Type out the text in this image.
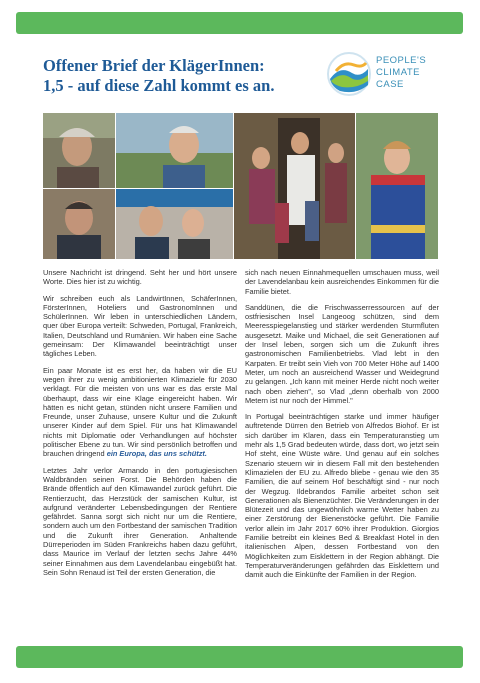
Offener Brief der KlägerInnen:
1,5 - auf diese Zahl kommt es an.
PEOPLE'S
CLIMATE
CASE

Unsere Nachricht ist dringend. Seht her und hört unsere Worte. Dies hier ist zu wichtig.

Wir schreiben euch als LandwirtInnen, SchäferInnen, FörsterInnen, Hoteliers und GastronomInnen und SchülerInnen. Wir leben in unterschiedlichen Ländern, quer über Europa verteilt: Schweden, Portugal, Frankreich, Italien, Deutschland und Rumänien. Wir haben eine Sache gemeinsam: Der Klimawandel beeinträchtigt unser tägliches Leben.

Ein paar Monate ist es erst her, da haben wir die EU wegen ihrer zu wenig ambitionierten Klimaziele für 2030 verklagt. Für die meisten von uns war es das erste Mal überhaupt, dass wir eine Klage eingereicht haben. Wir hätten es nicht getan, stünden nicht unsere Familien und Freunde, unser Zuhause, unsere Kultur und die Zukunft unserer Kinder auf dem Spiel. Für uns hat Klimawandel nichts mit Diplomatie oder Verhandlungen auf höchster politischer Ebene zu tun. Wir sind persönlich betroffen und brauchen dringend ein Europa, das uns schützt.

Letztes Jahr verlor Armando in den portugiesischen Waldbränden seinen Forst. Die Behörden haben die Brände öffentlich auf den Klimawandel zurück geführt. Die Rentierzucht, das Herzstück der samischen Kultur, ist aufgrund veränderter Lebensbedingungen der Rentiere gefährdet. Sanna sorgt sich nicht nur um die Rentiere, sondern auch um den Fortbestand der samischen Tradition und die Zukunft ihrer Generation. Anhaltende Dürreperioden im Süden Frankreichs haben dazu geführt, dass Maurice im Verlauf der letzten sechs Jahre 44% seiner Einnahmen aus dem Lavendelanbau eingebüßt hat. Sein Sohn Renaud ist Teil der ersten Generation, die

sich nach neuen Einnahmequellen umschauen muss, weil der Lavendelanbau kein ausreichendes Einkommen für die Familie bietet.

Sanddünen, die die Frischwasserressourcen auf der ostfriesischen Insel Langeoog schützen, sind dem Meeresspiegelanstieg und stärker werdenden Sturmfluten ausgesetzt. Maike und Michael, die seit Generationen auf der Insel leben, sorgen sich um die Zukunft ihres gastronomischen Familienbetriebs. Vlad lebt in den Karpaten. Er treibt sein Vieh von 700 Meter Höhe auf 1400 Meter, um noch an ausreichend Wasser und Weidegrund zu gelangen. „Ich kann mit meiner Herde nicht noch weiter nach oben ziehen", so Vlad „denn oberhalb von 2000 Metern ist nur noch der Himmel."

In Portugal beeinträchtigen starke und immer häufiger auftretende Dürren den Betrieb von Alfredos Biohof. Er ist sich darüber im Klaren, dass ein Temperaturanstieg um mehr als 1,5 Grad bedeuten würde, dass dort, wo jetzt sein Hof steht, eine Wüste wäre. Und genau auf ein solches Szenario steuern wir in diesem Fall mit den bestehenden Klimazielen der EU zu. Alfredo bliebe - genau wie den 35 Familien, die auf seinem Hof beschäftigt sind - nur noch der Wegzug. Ildebrandos Familie arbeitet schon seit Generationen als Bienenzüchter. Die Veränderungen in der Blütezeit und das ungewöhnlich warme Wetter haben zu einer Zerstörung der Bienenstöcke geführt. Die Familie verlor allein im Jahr 2017 60% ihrer Produktion. Giorgios Familie betreibt ein kleines Bed & Breakfast Hotel in den italienischen Alpen, dessen Fortbestand von den Möglichkeiten zum Eisklettern in der Region abhängt. Die Temperaturveränderungen gefährden das Eisklettern und damit auch die Einkünfte der Familien in der Region.
